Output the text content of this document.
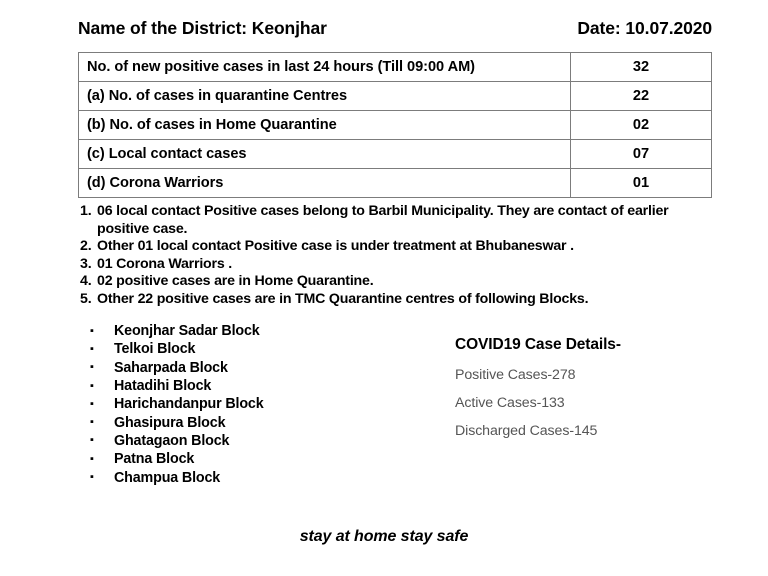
Name of the District: Keonjhar	Date: 10.07.2020
No. of new positive cases in last 24 hours (Till 09:00 AM)	32
(a) No. of cases in quarantine Centres	22
(b) No. of cases in Home Quarantine	02
(c) Local contact cases	07
(d) Corona Warriors	01
1. 06 local contact Positive cases belong to Barbil Municipality. They are contact of earlier positive case.
2. Other 01 local contact Positive case is under treatment at Bhubaneswar .
3. 01 Corona Warriors .
4. 02 positive cases are in Home Quarantine.
5. Other 22 positive cases are in TMC Quarantine centres of following Blocks.
▪	Keonjhar Sadar Block
▪	Telkoi Block
▪	Saharpada Block
▪	Hatadihi Block
▪	Harichandanpur Block
▪	Ghasipura Block
▪	Ghatagaon Block
▪	Patna Block
▪	Champua Block
COVID19 Case Details-
Positive Cases-278
Active Cases-133
Discharged Cases-145
stay at home stay safe
